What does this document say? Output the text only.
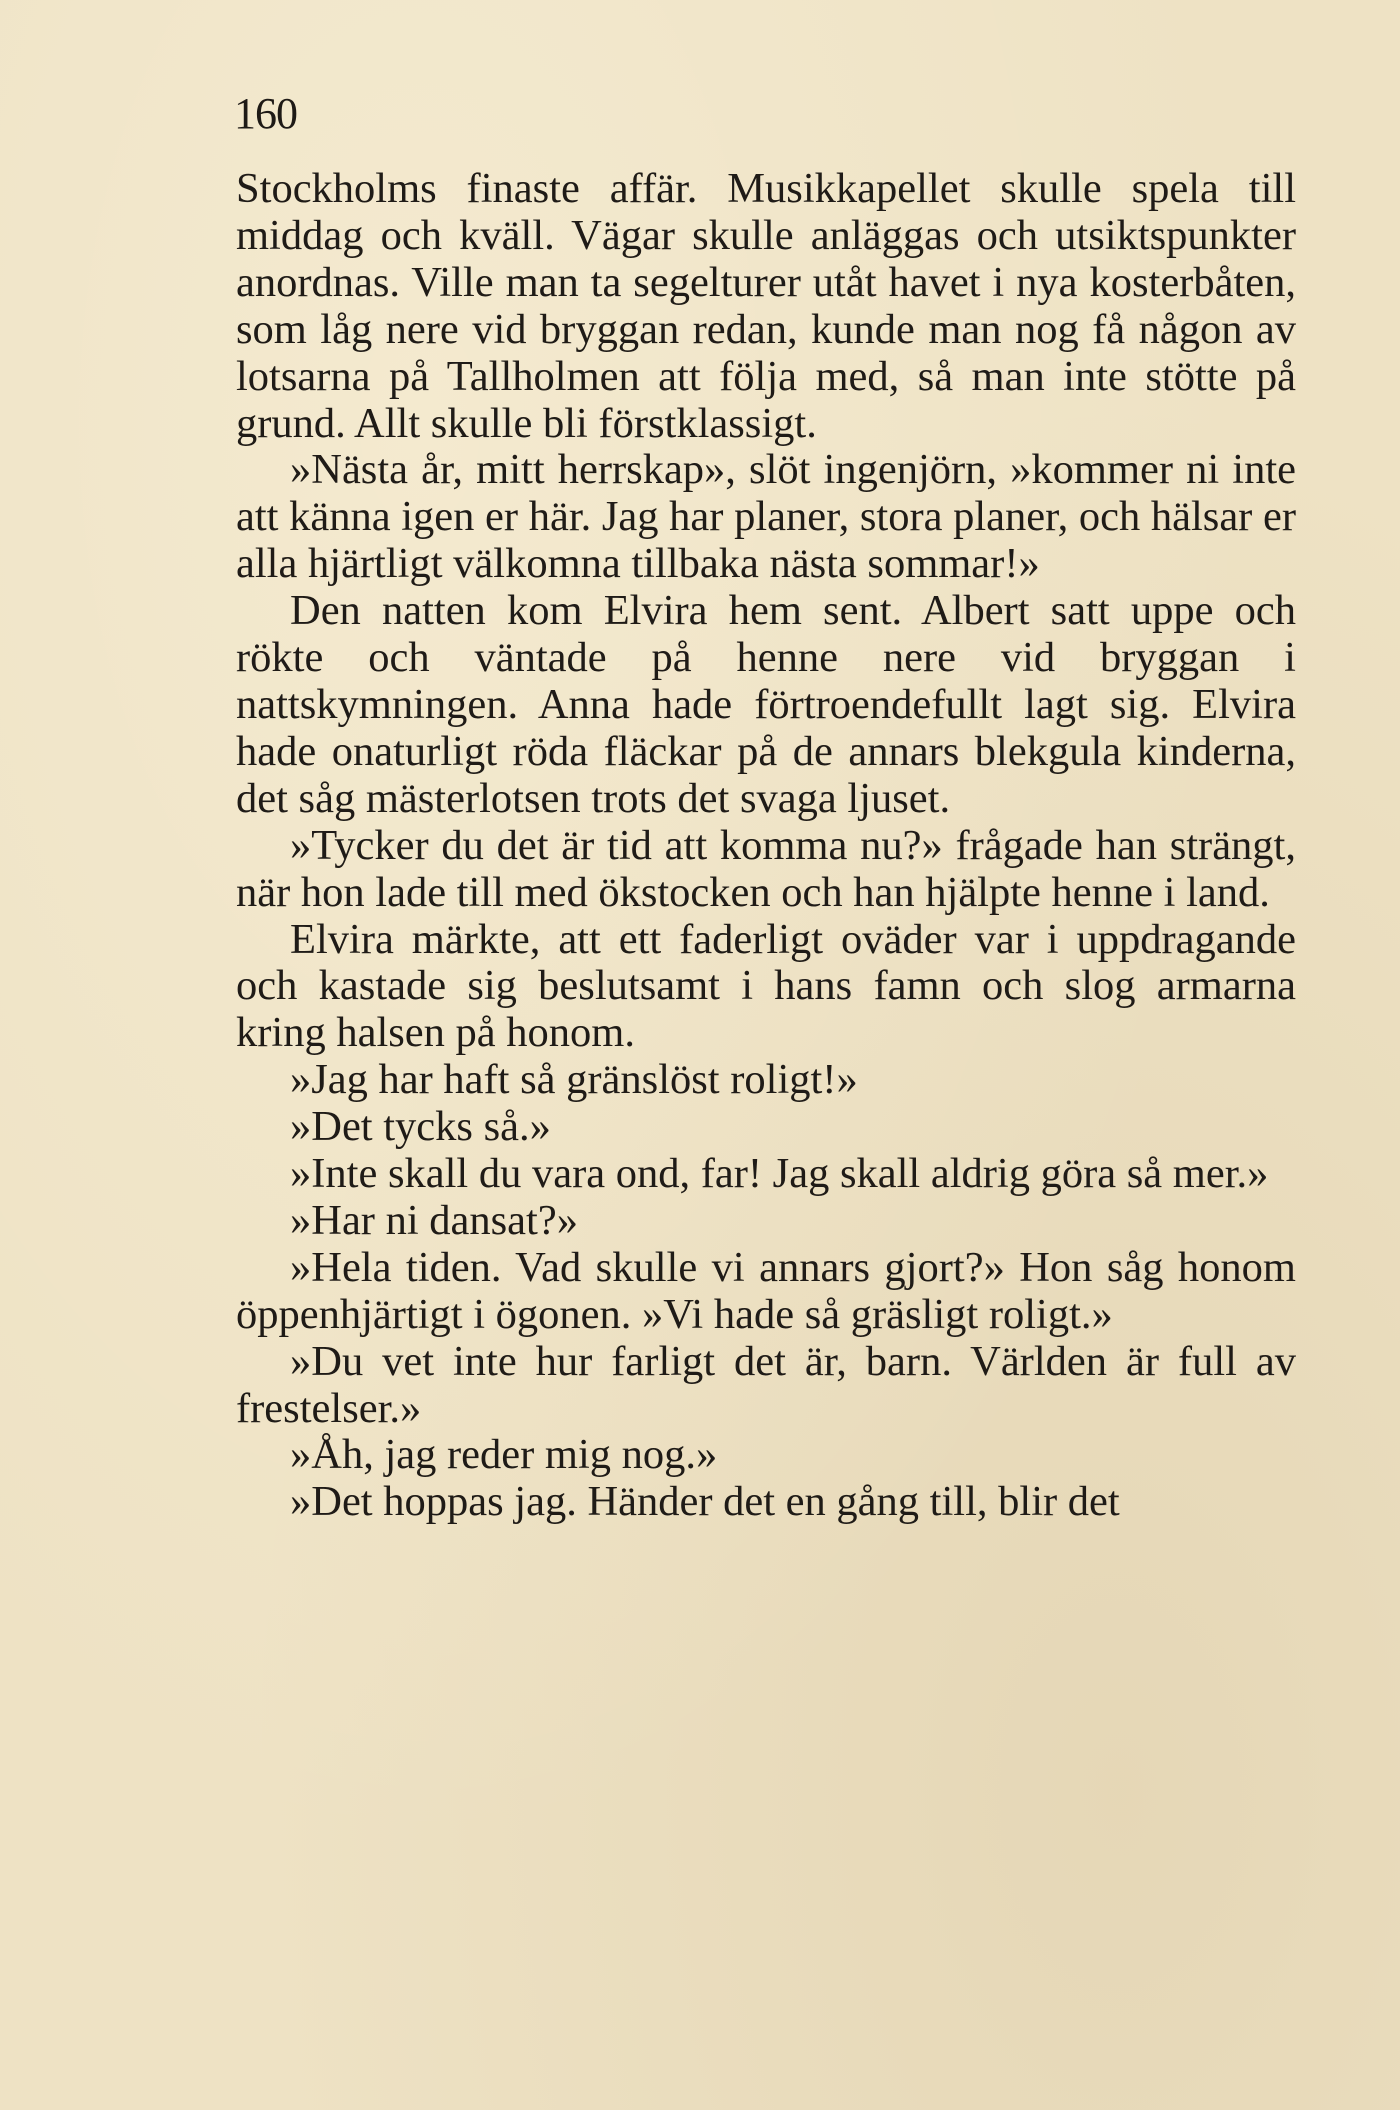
160

Stockholms finaste affär. Musikkapellet skulle spela till middag och kväll. Vägar skulle anläggas och utsiktspunkter anordnas. Ville man ta segelturer utåt havet i nya kosterbåten, som låg nere vid bryggan redan, kunde man nog få någon av lotsarna på Tallholmen att följa med, så man inte stötte på grund. Allt skulle bli förstklassigt.

»Nästa år, mitt herrskap», slöt ingenjörn, »kommer ni inte att känna igen er här. Jag har planer, stora planer, och hälsar er alla hjärtligt välkomna tillbaka nästa sommar!»

Den natten kom Elvira hem sent. Albert satt uppe och rökte och väntade på henne nere vid bryggan i nattskymningen. Anna hade förtroendefullt lagt sig. Elvira hade onaturligt röda fläckar på de annars blekgula kinderna, det såg mästerlotsen trots det svaga ljuset.

»Tycker du det är tid att komma nu?» frågade han strängt, när hon lade till med ökstocken och han hjälpte henne i land.

Elvira märkte, att ett faderligt oväder var i uppdragande och kastade sig beslutsamt i hans famn och slog armarna kring halsen på honom.

»Jag har haft så gränslöst roligt!»

»Det tycks så.»

»Inte skall du vara ond, far! Jag skall aldrig göra så mer.»

»Har ni dansat?»

»Hela tiden. Vad skulle vi annars gjort?» Hon såg honom öppenhjärtigt i ögonen. »Vi hade så gräsligt roligt.»

»Du vet inte hur farligt det är, barn. Världen är full av frestelser.»

»Åh, jag reder mig nog.»

»Det hoppas jag. Händer det en gång till, blir det
